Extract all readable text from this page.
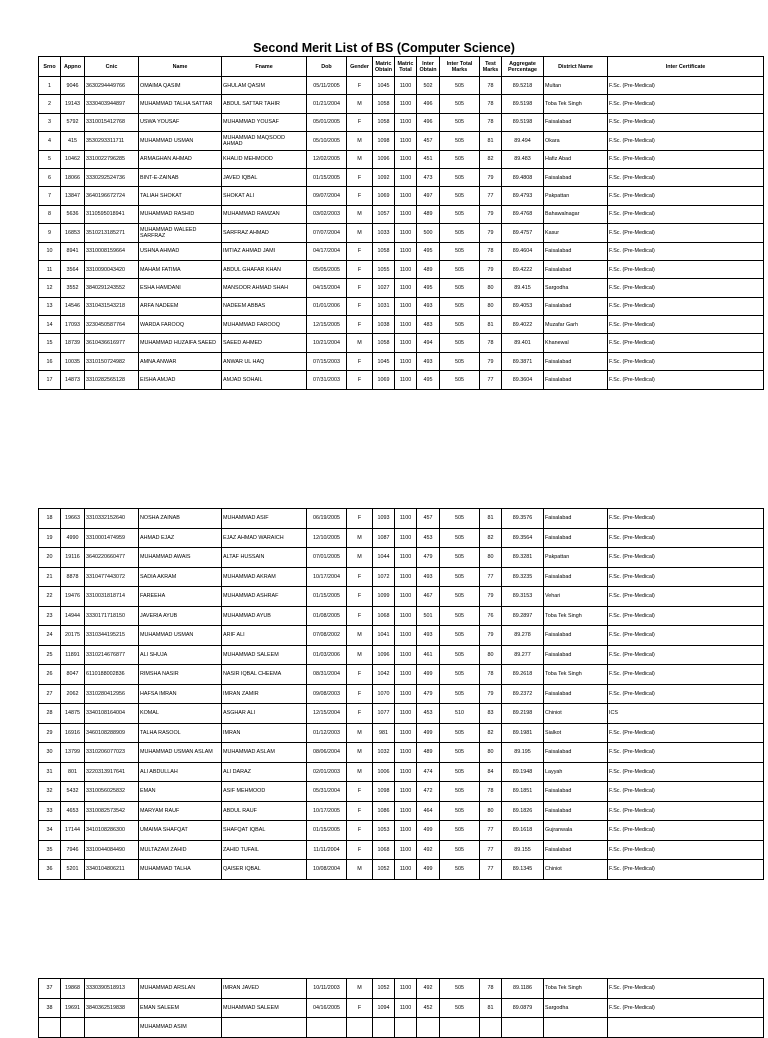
Second Merit List of BS (Computer Science)
Srno	Appno	Cnic	Name	Fname	Dob	Gender	Matric Obtain	Matric Total	Inter Obtain	Inter Total Marks	Test Marks	Aggregate Percentage	District Name	Inter Certificate
1	9046	3630294449766	OMAIMA QASIM	GHULAM QASIM	05/11/2005	F	1045	1100	502	505	78	89.5218	Multan	F.Sc. (Pre-Medical)
2	19143	3330403944897	MUHAMMAD TALHA SATTAR	ABDUL SATTAR TAHIR	01/21/2004	M	1058	1100	496	505	78	89.5198	Toba Tek Singh	F.Sc. (Pre-Medical)
3	5792	3310015412768	USWA YOUSAF	MUHAMMAD YOUSAF	05/01/2005	F	1058	1100	496	505	78	89.5198	Faisalabad	F.Sc. (Pre-Medical)
4	415	3530293311711	MUHAMMAD USMAN	MUHAMMAD MAQSOOD AHMAD	05/10/2005	M	1098	1100	457	505	81	89.494	Okara	F.Sc. (Pre-Medical)
5	10462	3310022796285	ARMAGHAN AHMAD	KHALID MEHMOOD	12/02/2005	M	1096	1100	451	505	82	89.483	Hafiz Abad	F.Sc. (Pre-Medical)
6	18066	3330292524736	BINT-E-ZAINAB	JAVED IQBAL	01/15/2005	F	1092	1100	473	505	79	89.4808	Faisalabad	F.Sc. (Pre-Medical)
7	13847	3640196672724	TALIAH SHOKAT	SHOKAT ALI	09/07/2004	F	1069	1100	497	505	77	89.4793	Pakpattan	F.Sc. (Pre-Medical)
8	5636	3110595018941	MUHAMMAD RASHID	MUHAMMAD RAMZAN	03/02/2003	M	1057	1100	489	505	79	89.4768	Bahawalnagar	F.Sc. (Pre-Medical)
9	16853	3510213185271	MUHAMMAD WALEED SARFRAZ	SARFRAZ AHMAD	07/07/2004	M	1033	1100	500	505	79	89.4757	Kasur	F.Sc. (Pre-Medical)
10	8941	3310008159664	USHNA AHMAD	IMTIAZ AHMAD JAMI	04/17/2004	F	1058	1100	495	505	78	89.4604	Faisalabad	F.Sc. (Pre-Medical)
11	3564	3310090043420	MAHAM FATIMA	ABDUL GHAFAR KHAN	05/05/2005	F	1055	1100	489	505	79	89.4222	Faisalabad	F.Sc. (Pre-Medical)
12	3552	3840291243552	ESHA HAMDANI	MANSOOR AHMAD SHAH	04/15/2004	F	1027	1100	495	505	80	89.415	Sargodha	F.Sc. (Pre-Medical)
13	14546	3310431543218	ARFA NADEEM	NADEEM ABBAS	01/01/2006	F	1031	1100	493	505	80	89.4053	Faisalabad	F.Sc. (Pre-Medical)
14	17093	3230450587764	WARDA FAROOQ	MUHAMMAD FAROOQ	12/15/2005	F	1038	1100	483	505	81	89.4022	Muzafar Garh	F.Sc. (Pre-Medical)
15	18739	3610436616977	MUHAMMAD HUZAIFA SAEED	SAEED AHMED	10/21/2004	M	1058	1100	494	505	78	89.401	Khanewal	F.Sc. (Pre-Medical)
16	10035	3310150724982	AMNA ANWAR	ANWAR UL HAQ	07/15/2003	F	1045	1100	493	505	79	89.3871	Faisalabad	F.Sc. (Pre-Medical)
17	14873	3310282565128	EISHA AMJAD	AMJAD SOHAIL	07/31/2003	F	1069	1100	495	505	77	89.3604	Faisalabad	F.Sc. (Pre-Medical)
18	19663	3310332152640	NOSHA ZAINAB	MUHAMMAD ASIF	06/19/2005	F	1093	1100	457	505	81	89.3576	Faisalabad	F.Sc. (Pre-Medical)
19	4990	3310001474959	AHMAD EJAZ	EJAZ AHMAD WARAICH	12/10/2005	M	1087	1100	453	505	82	89.3564	Faisalabad	F.Sc. (Pre-Medical)
20	19116	3640220660477	MUHAMMAD AWAIS	ALTAF HUSSAIN	07/01/2005	M	1044	1100	479	505	80	89.3281	Pakpattan	F.Sc. (Pre-Medical)
21	8878	3310477443072	SADIA AKRAM	MUHAMMAD AKRAM	10/17/2004	F	1072	1100	493	505	77	89.3235	Faisalabad	F.Sc. (Pre-Medical)
22	19476	3310031818714	FAREEHA	MUHAMMAD ASHRAF	01/15/2005	F	1099	1100	467	505	79	89.3153	Vehari	F.Sc. (Pre-Medical)
23	14944	3330171718150	JAVERIA AYUB	MUHAMMAD AYUB	01/08/2005	F	1068	1100	501	505	76	89.2897	Toba Tek Singh	F.Sc. (Pre-Medical)
24	20175	3310344195215	MUHAMMAD USMAN	ARIF ALI	07/08/2002	M	1041	1100	493	505	79	89.278	Faisalabad	F.Sc. (Pre-Medical)
25	11891	3310214676877	ALI SHUJA	MUHAMMAD SALEEM	01/03/2006	M	1096	1100	461	505	80	89.277	Faisalabad	F.Sc. (Pre-Medical)
26	8047	6110188002836	RIMSHA NASIR	NASIR IQBAL CHEEMA	08/31/2004	F	1042	1100	499	505	78	89.2618	Toba Tek Singh	F.Sc. (Pre-Medical)
27	2062	3310280412956	HAFSA IMRAN	IMRAN ZAMIR	09/08/2003	F	1070	1100	479	505	79	89.2372	Faisalabad	F.Sc. (Pre-Medical)
28	14875	3340108164004	KOMAL	ASGHAR ALI	12/15/2004	F	1077	1100	453	510	83	89.2198	Chiniot	ICS
29	16916	3460108288909	TALHA RASOOL	IMRAN	01/12/2003	M	981	1100	499	505	82	89.1981	Sialkot	F.Sc. (Pre-Medical)
30	13799	3310206077023	MUHAMMAD USMAN ASLAM	MUHAMMAD ASLAM	08/06/2004	M	1032	1100	489	505	80	89.195	Faisalabad	F.Sc. (Pre-Medical)
31	801	3220313917641	ALI ABDULLAH	ALI DARAZ	02/01/2003	M	1006	1100	474	505	84	89.1948	Layyah	F.Sc. (Pre-Medical)
32	5432	3310056025832	EMAN	ASIF MEHMOOD	05/31/2004	F	1098	1100	472	505	78	89.1851	Faisalabad	F.Sc. (Pre-Medical)
33	4653	3310082573542	MARYAM RAUF	ABDUL RAUF	10/17/2005	F	1086	1100	464	505	80	89.1826	Faisalabad	F.Sc. (Pre-Medical)
34	17144	3410108286300	UMAIMA SHAFQAT	SHAFQAT IQBAL	01/15/2005	F	1053	1100	499	505	77	89.1618	Gujranwala	F.Sc. (Pre-Medical)
35	7946	3310044084490	MULTAZAM ZAHID	ZAHID TUFAIL	11/11/2004	F	1068	1100	492	505	77	89.155	Faisalabad	F.Sc. (Pre-Medical)
36	5201	3340104806211	MUHAMMAD TALHA	QAISER IQBAL	10/08/2004	M	1052	1100	499	505	77	89.1345	Chiniot	F.Sc. (Pre-Medical)
37	19868	3330390518913	MUHAMMAD ARSLAN	IMRAN JAVED	10/11/2003	M	1052	1100	492	505	78	89.1186	Toba Tek Singh	F.Sc. (Pre-Medical)
38	19691	3840362519838	EMAN SALEEM	MUHAMMAD SALEEM	04/16/2005	F	1094	1100	452	505	81	89.0879	Sargodha	F.Sc. (Pre-Medical)
			MUHAMMAD ASIM											
